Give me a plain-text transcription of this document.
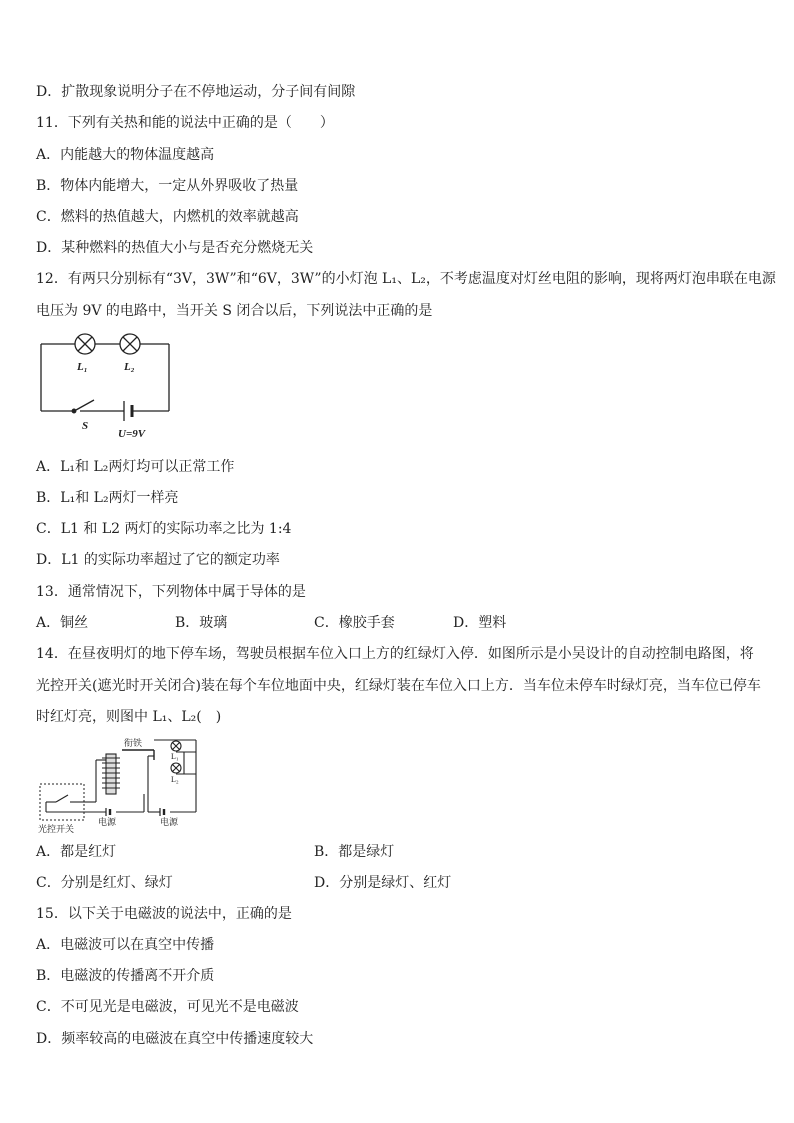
D．扩散现象说明分子在不停地运动，分子间有间隙
11．下列有关热和能的说法中正确的是（　　）
A．内能越大的物体温度越高
B．物体内能增大，一定从外界吸收了热量
C．燃料的热值越大，内燃机的效率就越高
D．某种燃料的热值大小与是否充分燃烧无关
12．有两只分别标有“3V，3W”和“6V，3W”的小灯泡 L₁、L₂，不考虑温度对灯丝电阻的影响，现将两灯泡串联在电源
电压为 9V 的电路中，当开关 S 闭合以后，下列说法中正确的是
L₁	L₂
S
U=9V
A．L₁和 L₂两灯均可以正常工作
B．L₁和 L₂两灯一样亮
C．L1 和 L2 两灯的实际功率之比为 1:4
D．L1 的实际功率超过了它的额定功率
13．通常情况下，下列物体中属于导体的是
A．铜丝	B．玻璃	C．橡胶手套	D．塑料
14．在昼夜明灯的地下停车场，驾驶员根据车位入口上方的红绿灯入停．如图所示是小吴设计的自动控制电路图，将
光控开关(遮光时开关闭合)装在每个车位地面中央，红绿灯装在车位入口上方．当车位未停车时绿灯亮，当车位已停车
时红灯亮，则图中 L₁、L₂(　)
衔铁
L₁
L₂
电源	电源
光控开关
A．都是红灯	B．都是绿灯
C．分别是红灯、绿灯	D．分别是绿灯、红灯
15．以下关于电磁波的说法中，正确的是
A．电磁波可以在真空中传播
B．电磁波的传播离不开介质
C．不可见光是电磁波，可见光不是电磁波
D．频率较高的电磁波在真空中传播速度较大
